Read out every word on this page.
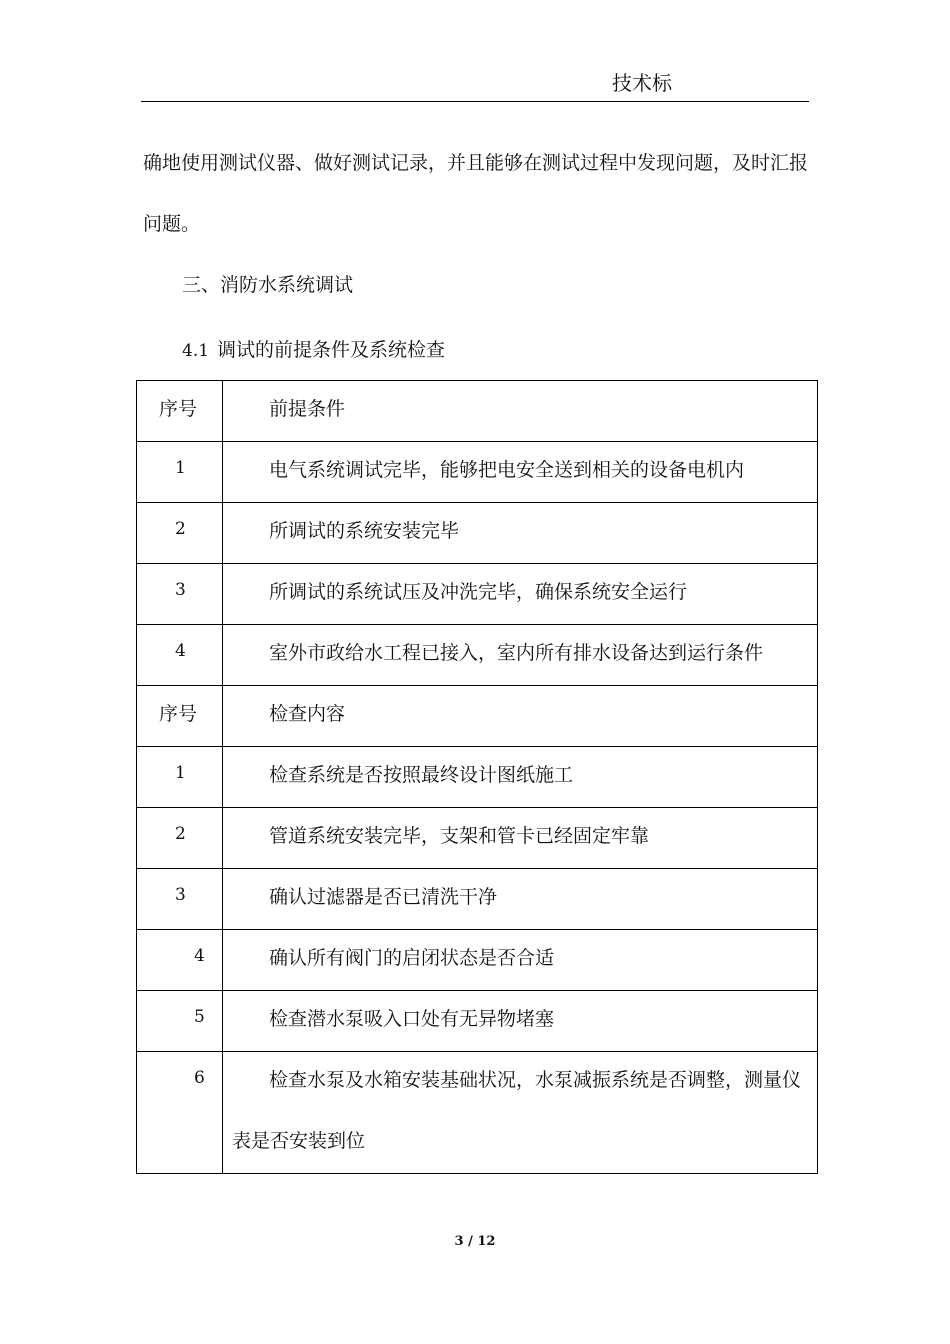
技术标
确地使用测试仪器、做好测试记录，并且能够在测试过程中发现问题，及时汇报
问题。
三、消防水系统调试
4.1 调试的前提条件及系统检查
序号	前提条件

1	电气系统调试完毕，能够把电安全送到相关的设备电机内

2	所调试的系统安装完毕

3	所调试的系统试压及冲洗完毕，确保系统安全运行

4	室外市政给水工程已接入，室内所有排水设备达到运行条件

序号	检查内容

1	检查系统是否按照最终设计图纸施工

2	管道系统安装完毕，支架和管卡已经固定牢靠

3	确认过滤器是否已清洗干净

4	确认所有阀门的启闭状态是否合适

5	检查潜水泵吸入口处有无异物堵塞

6	检查水泵及水箱安装基础状况，水泵减振系统是否调整，测量仪表是否安装到位
3 / 12
